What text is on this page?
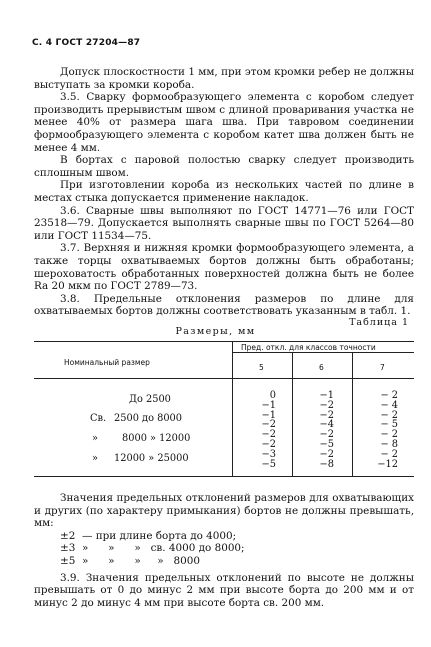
С. 4 ГОСТ 27204—87

Допуск плоскостности 1 мм, при этом кромки ребер не должны выступать за кромки короба.

3.5. Сварку формообразующего элемента с коробом следует производить прерывистым швом с длиной проваривания участка не менее 40% от размера шага шва. При тавровом соединении формообразующего элемента с коробом катет шва должен быть не менее 4 мм.

В бортах с паровой полостью сварку следует производить сплошным швом.

При изготовлении короба из нескольких частей по длине в местах стыка допускается применение накладок.

3.6. Сварные швы выполняют по ГОСТ 14771—76 или ГОСТ 23518—79. Допускается выполнять сварные швы по ГОСТ 5264—80 или ГОСТ 11534—75.

3.7. Верхняя и нижняя кромки формообразующего элемента, а также торцы охватываемых бортов должны быть обработаны; шероховатость обработанных поверхностей должна быть не более Ra 20 мкм по ГОСТ 2789—73.

3.8. Предельные отклонения размеров по длине для охватываемых бортов должны соответствовать указанным в табл. 1.

Таблица 1
Размеры, мм
Номинальный размер
Пред. откл. для классов точности
5	6	7
До 2500
Св. 2500 до 8000
» 8000 » 12000
» 12000 » 25000
0
−1
−1
−2
−2
−2
−3
−5
−1
−2
−2
−4
−2
−5
−2
−8
− 2
− 4
− 2
− 5
− 2
− 8
− 2
−12

Значения предельных отклонений размеров для охватывающих и других (по характеру примыкания) бортов не должны превышать, мм:

±2 — при длине борта до 4000;
±3 »      »      »   св. 4000 до 8000;
±5 »      »      »     »   8000

3.9. Значения предельных отклонений по высоте не должны превышать от 0 до минус 2 мм при высоте борта до 200 мм и от минус 2 до минус 4 мм при высоте борта св. 200 мм.
